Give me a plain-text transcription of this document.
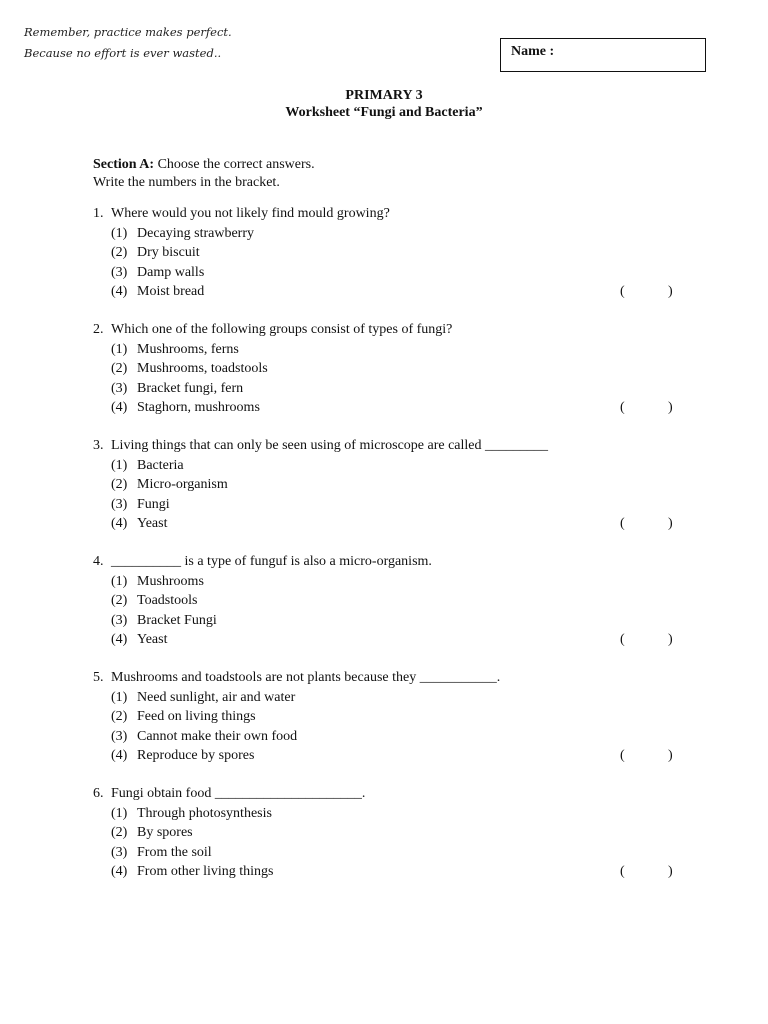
Remember, practice makes perfect.
Because no effort is ever wasted..	Name :
PRIMARY 3
Worksheet “Fungi and Bacteria”
Section A: Choose the correct answers.
Write the numbers in the bracket.
1. Where would you not likely find mould growing?
(1) Decaying strawberry
(2) Dry biscuit
(3) Damp walls
(4) Moist bread	(	)
2. Which one of the following groups consist of types of fungi?
(1) Mushrooms, ferns
(2) Mushrooms, toadstools
(3) Bracket fungi, fern
(4) Staghorn, mushrooms	(	)
3. Living things that can only be seen using of microscope are called _________
(1) Bacteria
(2) Micro-organism
(3) Fungi
(4) Yeast	(	)
4. __________ is a type of funguf is also a micro-organism.
(1) Mushrooms
(2) Toadstools
(3) Bracket Fungi
(4) Yeast	(	)
5. Mushrooms and toadstools are not plants because they ___________.
(1) Need sunlight, air and water
(2) Feed on living things
(3) Cannot make their own food
(4) Reproduce by spores	(	)
6. Fungi obtain food _____________________.
(1) Through photosynthesis
(2) By spores
(3) From the soil
(4) From other living things	(	)
